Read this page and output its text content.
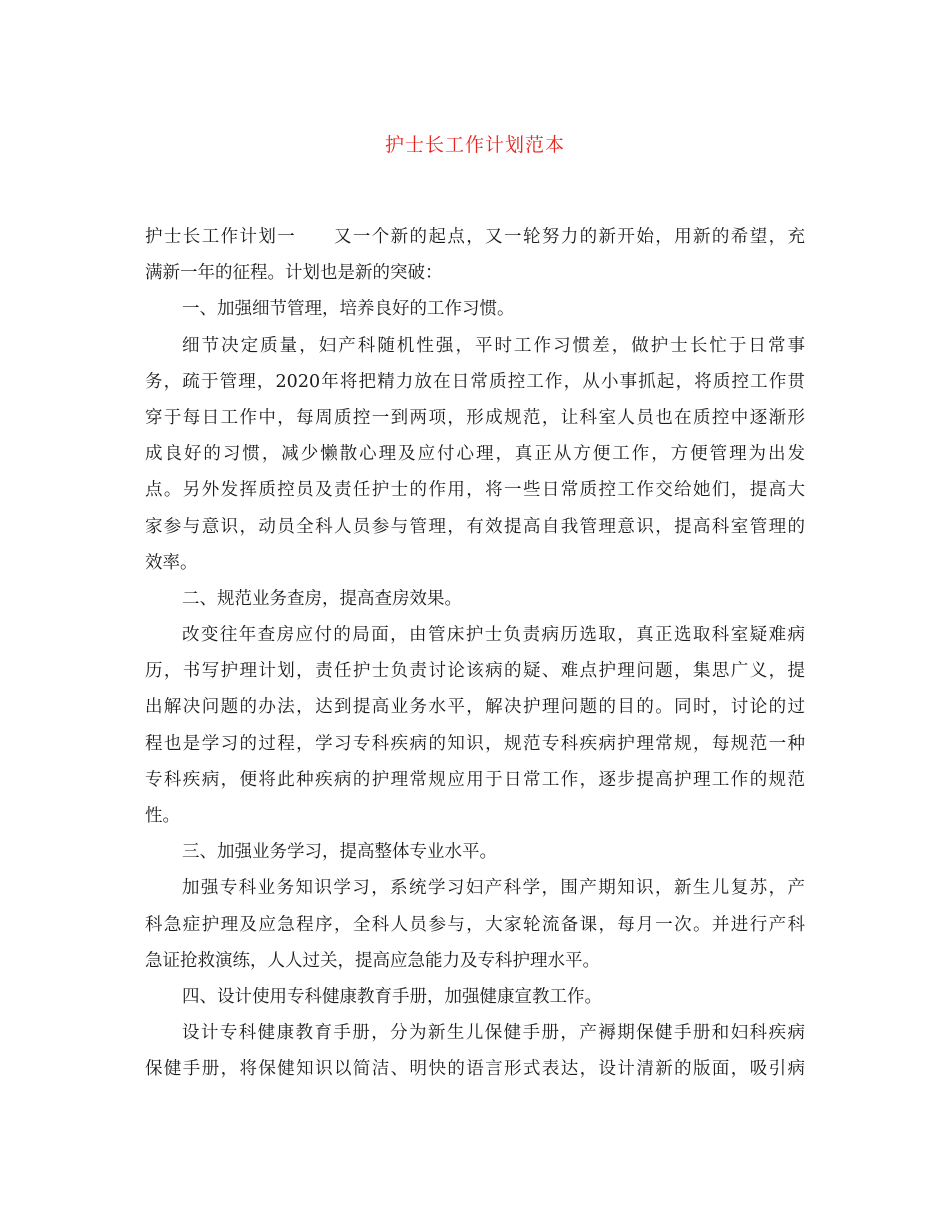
护士长工作计划范本
护士长工作计划一　　又一个新的起点，又一轮努力的新开始，用新的希望，充
满新一年的征程。计划也是新的突破：
一、加强细节管理，培养良好的工作习惯。
细节决定质量，妇产科随机性强，平时工作习惯差，做护士长忙于日常事
务，疏于管理，2020年将把精力放在日常质控工作，从小事抓起，将质控工作贯
穿于每日工作中，每周质控一到两项，形成规范，让科室人员也在质控中逐渐形
成良好的习惯，减少懒散心理及应付心理，真正从方便工作，方便管理为出发
点。另外发挥质控员及责任护士的作用，将一些日常质控工作交给她们，提高大
家参与意识，动员全科人员参与管理，有效提高自我管理意识，提高科室管理的
效率。
二、规范业务查房，提高查房效果。
改变往年查房应付的局面，由管床护士负责病历选取，真正选取科室疑难病
历，书写护理计划，责任护士负责讨论该病的疑、难点护理问题，集思广义，提
出解决问题的办法，达到提高业务水平，解决护理问题的目的。同时，讨论的过
程也是学习的过程，学习专科疾病的知识，规范专科疾病护理常规，每规范一种
专科疾病，便将此种疾病的护理常规应用于日常工作，逐步提高护理工作的规范
性。
三、加强业务学习，提高整体专业水平。
加强专科业务知识学习，系统学习妇产科学，围产期知识，新生儿复苏，产
科急症护理及应急程序，全科人员参与，大家轮流备课，每月一次。并进行产科
急证抢救演练，人人过关，提高应急能力及专科护理水平。
四、设计使用专科健康教育手册，加强健康宣教工作。
设计专科健康教育手册，分为新生儿保健手册，产褥期保健手册和妇科疾病
保健手册，将保健知识以简洁、明快的语言形式表达，设计清新的版面，吸引病
